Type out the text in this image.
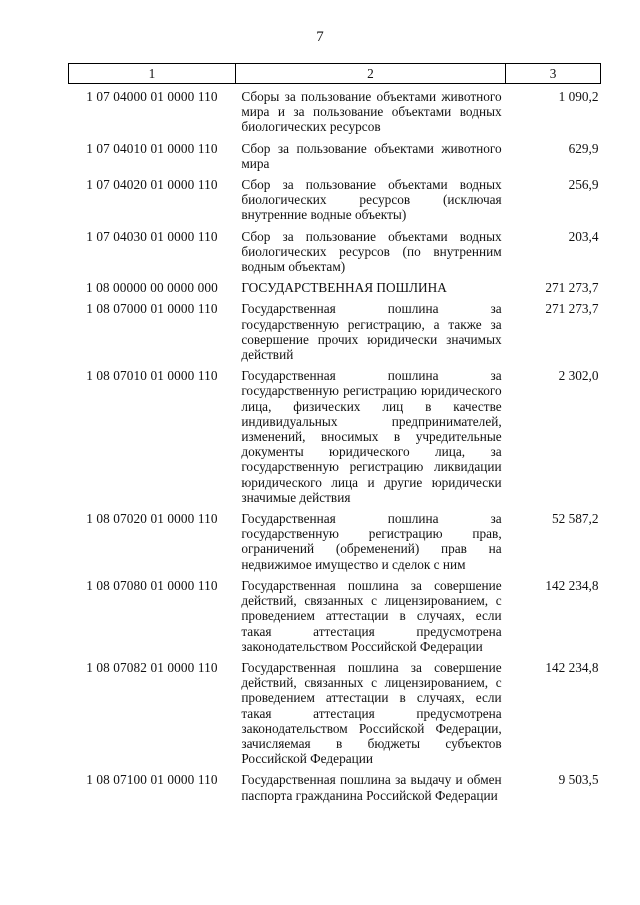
7
1	2	3
1 07 04000 01 0000 110	Сборы за пользование объектами животного мира и за пользование объектами водных биологических ресурсов	1 090,2
1 07 04010 01 0000 110	Сбор за пользование объектами животного мира	629,9
1 07 04020 01 0000 110	Сбор за пользование объектами водных биологических ресурсов (исключая внутренние водные объекты)	256,9
1 07 04030 01 0000 110	Сбор за пользование объектами водных биологических ресурсов (по внутренним водным объектам)	203,4
1 08 00000 00 0000 000	ГОСУДАРСТВЕННАЯ ПОШЛИНА	271 273,7
1 08 07000 01 0000 110	Государственная пошлина за государственную регистрацию, а также за совершение прочих юридически значимых действий	271 273,7
1 08 07010 01 0000 110	Государственная пошлина за государственную регистрацию юридического лица, физических лиц в качестве индивидуальных предпринимателей, изменений, вносимых в учредительные документы юридического лица, за государственную регистрацию ликвидации юридического лица и другие юридически значимые действия	2 302,0
1 08 07020 01 0000 110	Государственная пошлина за государственную регистрацию прав, ограничений (обременений) прав на недвижимое имущество и сделок с ним	52 587,2
1 08 07080 01 0000 110	Государственная пошлина за совершение действий, связанных с лицензированием, с проведением аттестации в случаях, если такая аттестация предусмотрена законодательством Российской Федерации	142 234,8
1 08 07082 01 0000 110	Государственная пошлина за совершение действий, связанных с лицензированием, с проведением аттестации в случаях, если такая аттестация предусмотрена законодательством Российской Федерации, зачисляемая в бюджеты субъектов Российской Федерации	142 234,8
1 08 07100 01 0000 110	Государственная пошлина за выдачу и обмен паспорта гражданина Российской Федерации	9 503,5
